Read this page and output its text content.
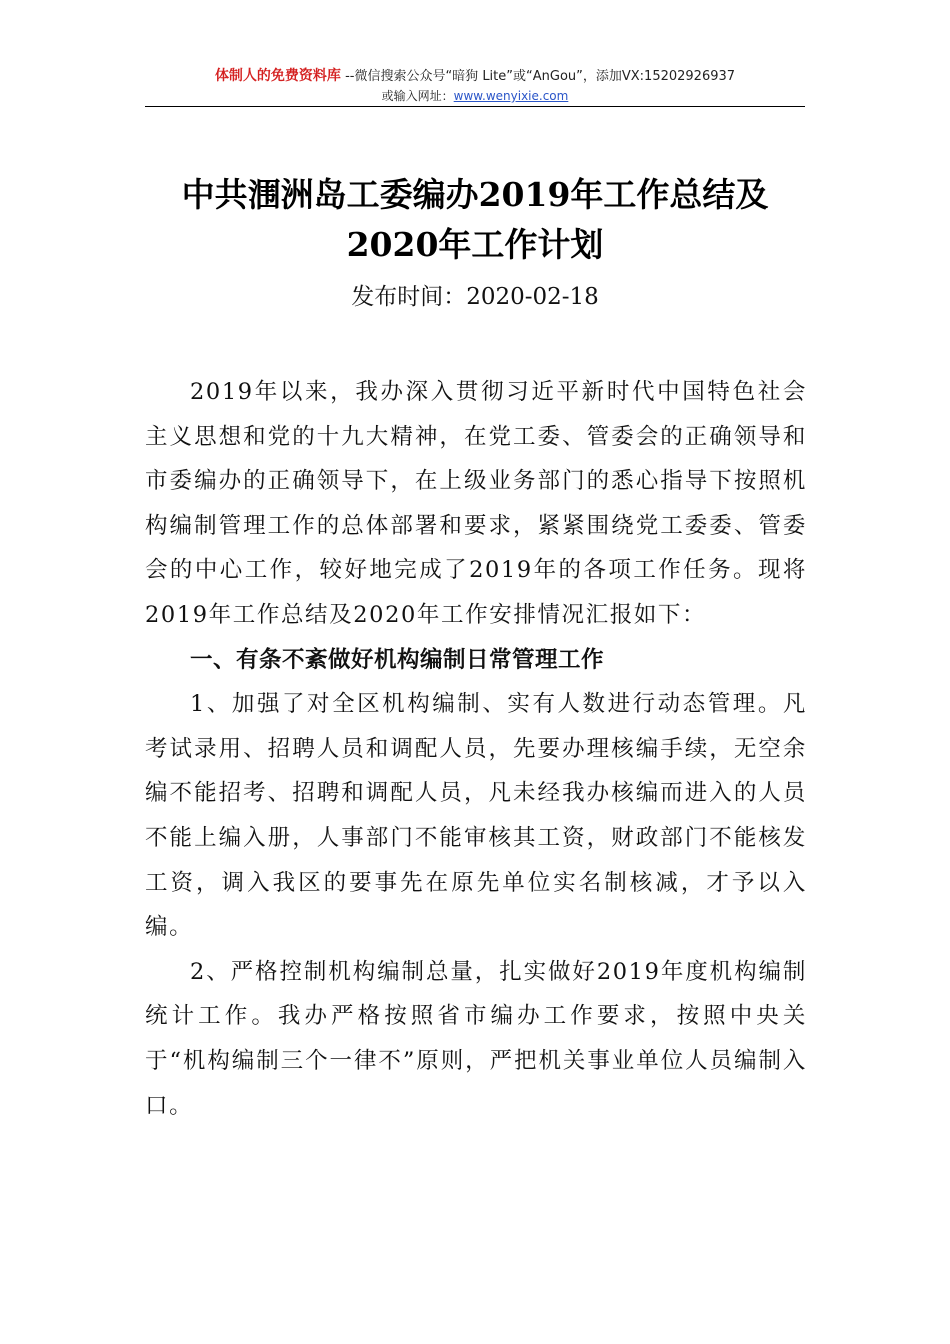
体制人的免费资料库 --微信搜索公众号“暗狗 Lite”或“AnGou”，添加VX:15202926937
或输入网址：www.wenyixie.com
中共涠洲岛工委编办2019年工作总结及
2020年工作计划
发布时间：2020-02-18

2019年以来，我办深入贯彻习近平新时代中国特色社会主义思想和党的十九大精神，在党工委、管委会的正确领导和市委编办的正确领导下，在上级业务部门的悉心指导下按照机构编制管理工作的总体部署和要求，紧紧围绕党工委委、管委会的中心工作，较好地完成了2019年的各项工作任务。现将2019年工作总结及2020年工作安排情况汇报如下：

一、有条不紊做好机构编制日常管理工作

1、加强了对全区机构编制、实有人数进行动态管理。凡考试录用、招聘人员和调配人员，先要办理核编手续，无空余编不能招考、招聘和调配人员，凡未经我办核编而进入的人员不能上编入册，人事部门不能审核其工资，财政部门不能核发工资，调入我区的要事先在原先单位实名制核减，才予以入编。

2、严格控制机构编制总量，扎实做好2019年度机构编制统计工作。我办严格按照省市编办工作要求，按照中央关于“机构编制三个一律不”原则，严把机关事业单位人员编制入口。
